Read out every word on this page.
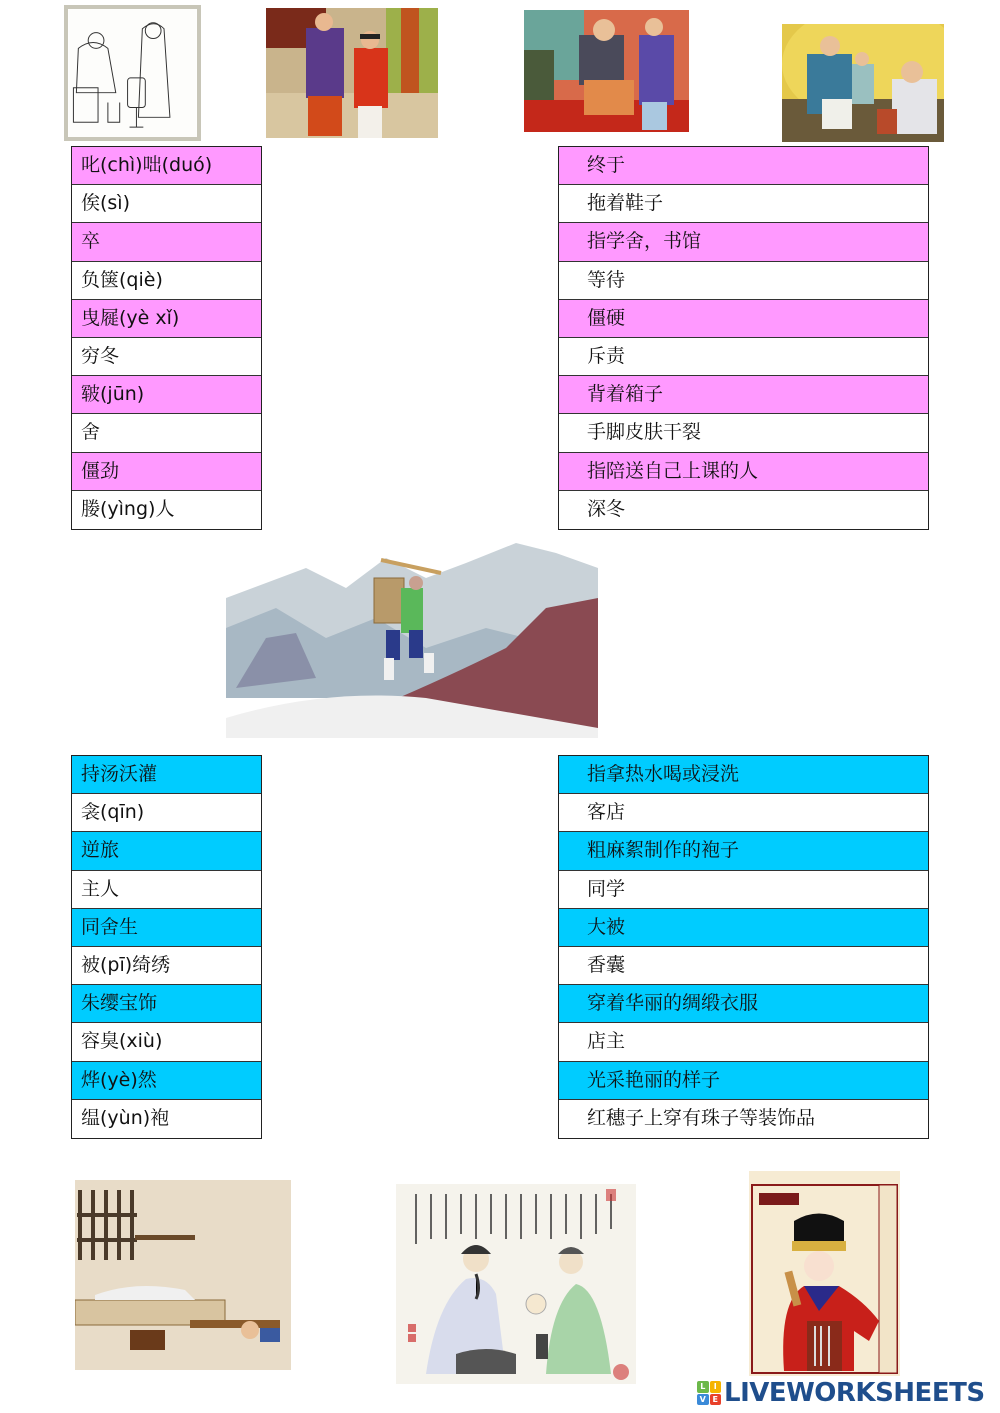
叱(chì)咄(duó)
俟(sì)
卒
负箧(qiè)
曳屣(yè xǐ)
穷冬
皲(jūn)
舍
僵劲
媵(yìng)人
终于
拖着鞋子
指学舍，书馆
等待
僵硬
斥责
背着箱子
手脚皮肤干裂
指陪送自己上课的人
深冬
持汤沃灌
衾(qīn)
逆旅
主人
同舍生
被(pī)绮绣
朱缨宝饰
容臭(xiù)
烨(yè)然
缊(yùn)袍
指拿热水喝或浸洗
客店
粗麻絮制作的袍子
同学
大被
香囊
穿着华丽的绸缎衣服
店主
光采艳丽的样子
红穗子上穿有珠子等装饰品
L	I
V E LIVEWORKSHEETS
